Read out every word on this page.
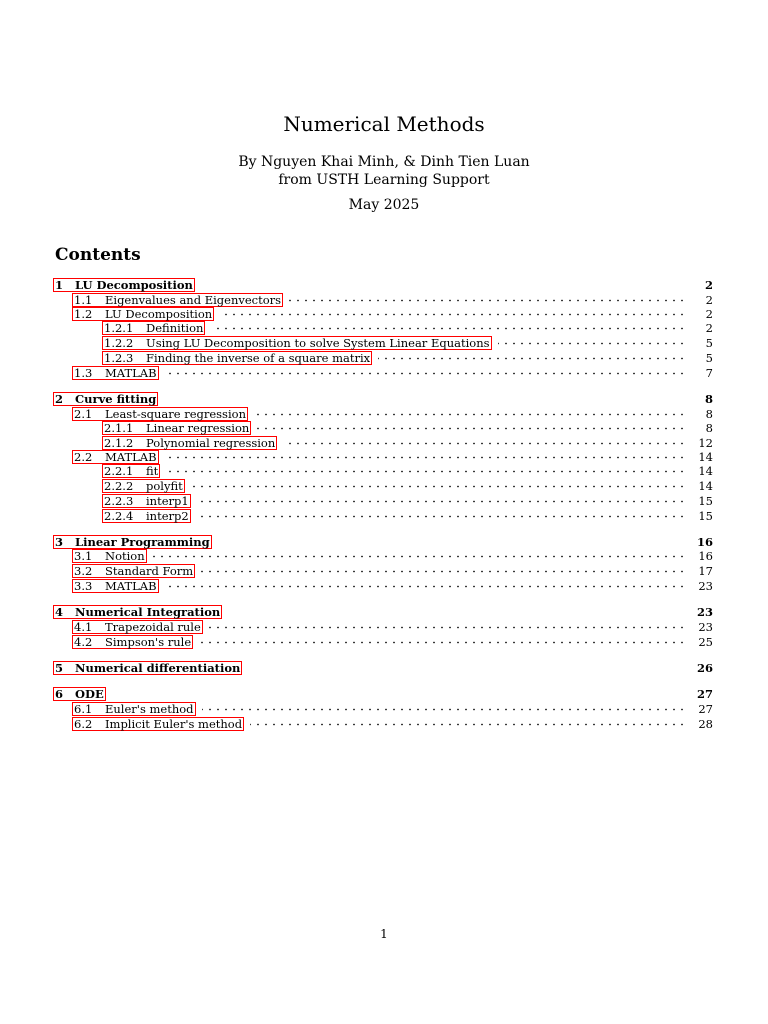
Numerical Methods
By Nguyen Khai Minh, & Dinh Tien Luan
from USTH Learning Support
May 2025
Contents
1	LU Decomposition	2
1.1	Eigenvalues and Eigenvectors	2
1.2	LU Decomposition	2
1.2.1	Definition	2
1.2.2	Using LU Decomposition to solve System Linear Equations	5
1.2.3	Finding the inverse of a square matrix	5
1.3	MATLAB	7
2	Curve fitting	8
2.1	Least-square regression	8
2.1.1	Linear regression	8
2.1.2	Polynomial regression	12
2.2	MATLAB	14
2.2.1	fit	14
2.2.2	polyfit	14
2.2.3	interp1	15
2.2.4	interp2	15
3	Linear Programming	16
3.1	Notion	16
3.2	Standard Form	17
3.3	MATLAB	23
4	Numerical Integration	23
4.1	Trapezoidal rule	23
4.2	Simpson's rule	25
5	Numerical differentiation	26
6	ODE	27
6.1	Euler's method	27
6.2	Implicit Euler's method	28
1
